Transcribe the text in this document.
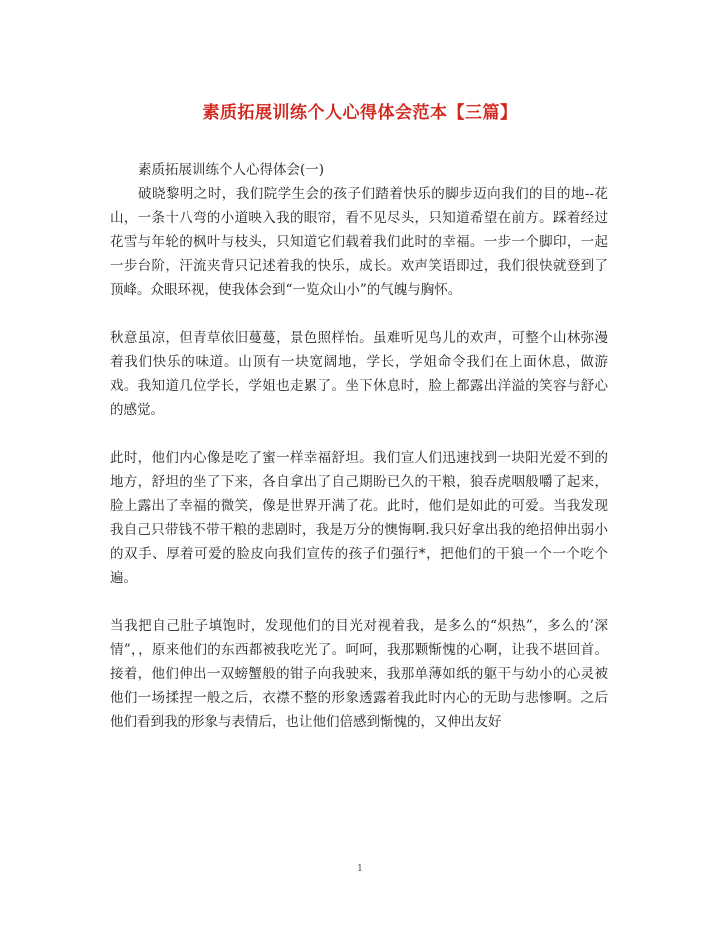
素质拓展训练个人心得体会范本【三篇】

素质拓展训练个人心得体会(一)

破晓黎明之时，我们院学生会的孩子们踏着快乐的脚步迈向我们的目的地--花山，一条十八弯的小道映入我的眼帘，看不见尽头，只知道希望在前方。踩着经过花雪与年轮的枫叶与枝头，只知道它们载着我们此时的幸福。一步一个脚印，一起一步台阶，汗流夹背只记述着我的快乐，成长。欢声笑语即过，我们很快就登到了顶峰。众眼环视，使我体会到“一览众山小”的气魄与胸怀。

秋意虽凉，但青草依旧蔓蔓，景色照样怡。虽难听见鸟儿的欢声，可整个山林弥漫着我们快乐的味道。山顶有一块宽阔地，学长，学姐命令我们在上面休息，做游戏。我知道几位学长，学姐也走累了。坐下休息时，脸上都露出洋溢的笑容与舒心的感觉。

此时，他们内心像是吃了蜜一样幸福舒坦。我们宣人们迅速找到一块阳光爱不到的地方，舒坦的坐了下来，各自拿出了自己期盼已久的干粮，狼吞虎咽般嚼了起来，脸上露出了幸福的微笑，像是世界开满了花。此时，他们是如此的可爱。当我发现我自己只带钱不带干粮的悲剧时，我是万分的懊悔啊.我只好拿出我的绝招伸出弱小的双手、厚着可爱的脸皮向我们宣传的孩子们强行*，把他们的干狼一个一个吃个遍。

当我把自己肚子填饱时，发现他们的目光对视着我，是多么的“炽热”，多么的’深情”，，原来他们的东西都被我吃光了。呵呵，我那颗惭愧的心啊，让我不堪回首。接着，他们伸出一双螃蟹般的钳子向我驶来，我那单薄如纸的躯干与幼小的心灵被他们一场揉捏一般之后，衣襟不整的形象透露着我此时内心的无助与悲惨啊。之后他们看到我的形象与表情后，也让他们倍感到惭愧的，又伸出友好

1
